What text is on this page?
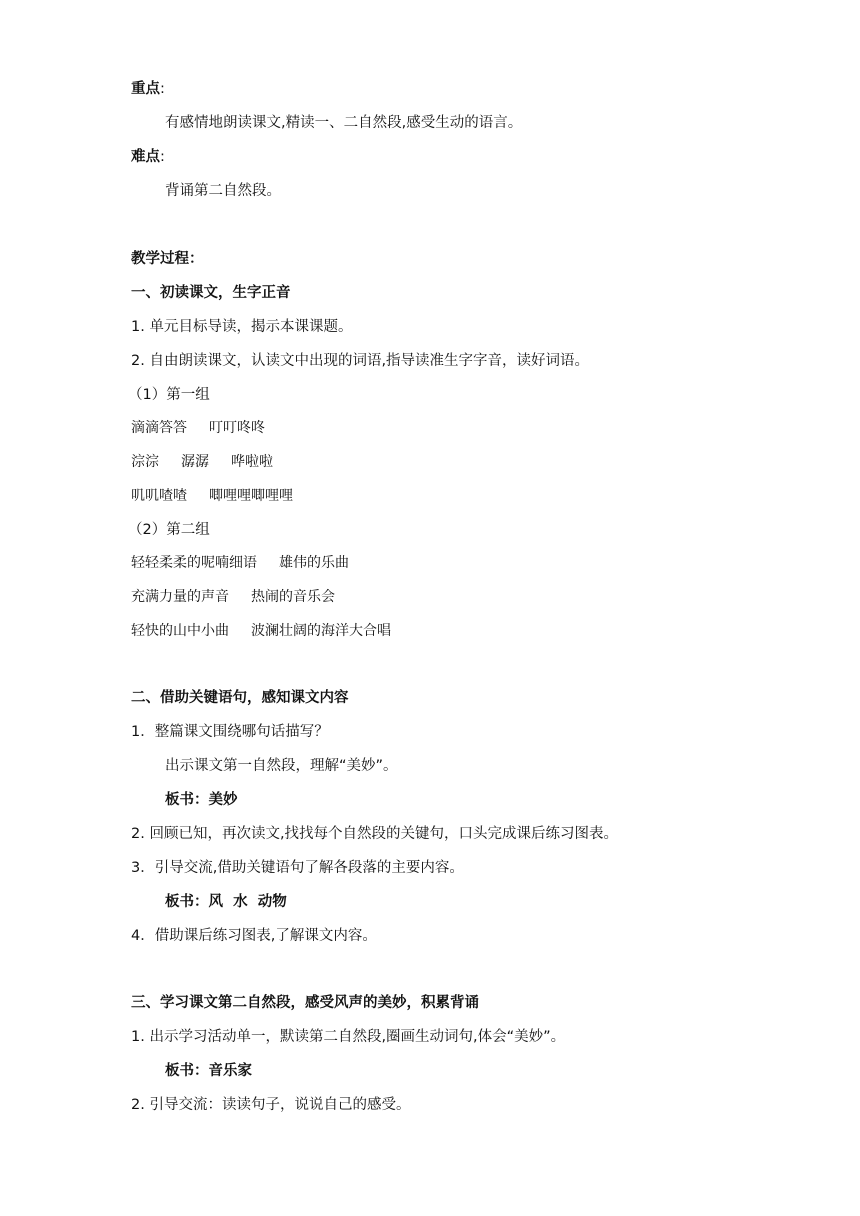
重点:
有感情地朗读课文,精读一、二自然段,感受生动的语言。
难点:
背诵第二自然段。
教学过程：
一、初读课文，生字正音
1. 单元目标导读，揭示本课课题。
2. 自由朗读课文，认读文中出现的词语,指导读准生字字音，读好词语。
（1）第一组
滴滴答答 叮叮咚咚
淙淙 潺潺 哗啦啦
叽叽喳喳 唧哩哩唧哩哩
（2）第二组
轻轻柔柔的呢喃细语 雄伟的乐曲
充满力量的声音 热闹的音乐会
轻快的山中小曲 波澜壮阔的海洋大合唱
二、借助关键语句，感知课文内容
1．整篇课文围绕哪句话描写？
出示课文第一自然段，理解“美妙”。
板书：美妙
2. 回顾已知，再次读文,找找每个自然段的关键句，口头完成课后练习图表。
3．引导交流,借助关键语句了解各段落的主要内容。
板书：风  水  动物
4．借助课后练习图表,了解课文内容。
三、学习课文第二自然段，感受风声的美妙，积累背诵
1. 出示学习活动单一，默读第二自然段,圈画生动词句,体会“美妙”。
板书：音乐家
2. 引导交流：读读句子，说说自己的感受。
